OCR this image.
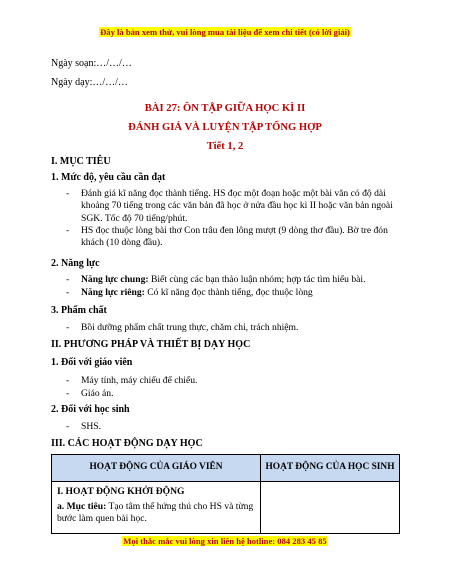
Đây là bản xem thử, vui lòng mua tài liệu để xem chi tiết (có lời giải)
Ngày soạn:…/…/…
Ngày dạy:…/…/…
BÀI 27: ÔN TẬP GIỮA HỌC KÌ II
ĐÁNH GIÁ VÀ LUYỆN TẬP TỔNG HỢP
Tiết 1, 2
I. MỤC TIÊU
1. Mức độ, yêu cầu cần đạt
- Đánh giá kĩ năng đọc thành tiếng. HS đọc một đoạn hoặc một bài văn có độ dài khoảng 70 tiếng trong các văn bản đã học ở nửa đầu học kì II hoặc văn bản ngoài SGK. Tốc độ 70 tiếng/phút.
- HS đọc thuộc lòng bài thơ Con trâu đen lông mượt (9 dòng thơ đầu). Bờ tre đón khách (10 dòng đầu).
2. Năng lực
- Năng lực chung: Biết cùng các bạn thảo luận nhóm; hợp tác tìm hiểu bài.
- Năng lực riêng: Có kĩ năng đọc thành tiếng, đọc thuộc lòng
3. Phẩm chất
- Bồi dưỡng phẩm chất trung thực, chăm chỉ, trách nhiệm.
II. PHƯƠNG PHÁP VÀ THIẾT BỊ DẠY HỌC
1. Đối với giáo viên
- Máy tính, máy chiếu để chiếu.
- Giáo án.
2. Đối với học sinh
- SHS.
III. CÁC HOẠT ĐỘNG DẠY HỌC
HOẠT ĐỘNG CỦA GIÁO VIÊN	HOẠT ĐỘNG CỦA HỌC SINH
I. HOẠT ĐỘNG KHỞI ĐỘNG
a. Mục tiêu: Tạo tâm thế hứng thú cho HS và từng bước làm quen bài học.
Mọi thắc mắc vui lòng xin liên hệ hotline: 084 283 45 85
